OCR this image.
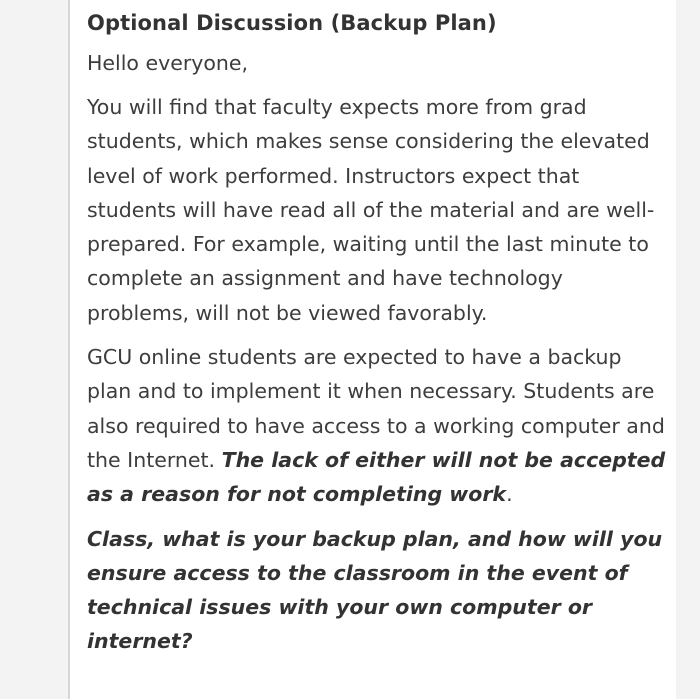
Optional Discussion (Backup Plan)
Hello everyone,

You will find that faculty expects more from grad students, which makes sense considering the elevated level of work performed. Instructors expect that students will have read all of the material and are well-prepared. For example, waiting until the last minute to complete an assignment and have technology problems, will not be viewed favorably.

GCU online students are expected to have a backup plan and to implement it when necessary. Students are also required to have access to a working computer and the Internet. The lack of either will not be accepted as a reason for not completing work.

Class, what is your backup plan, and how will you ensure access to the classroom in the event of technical issues with your own computer or internet?
